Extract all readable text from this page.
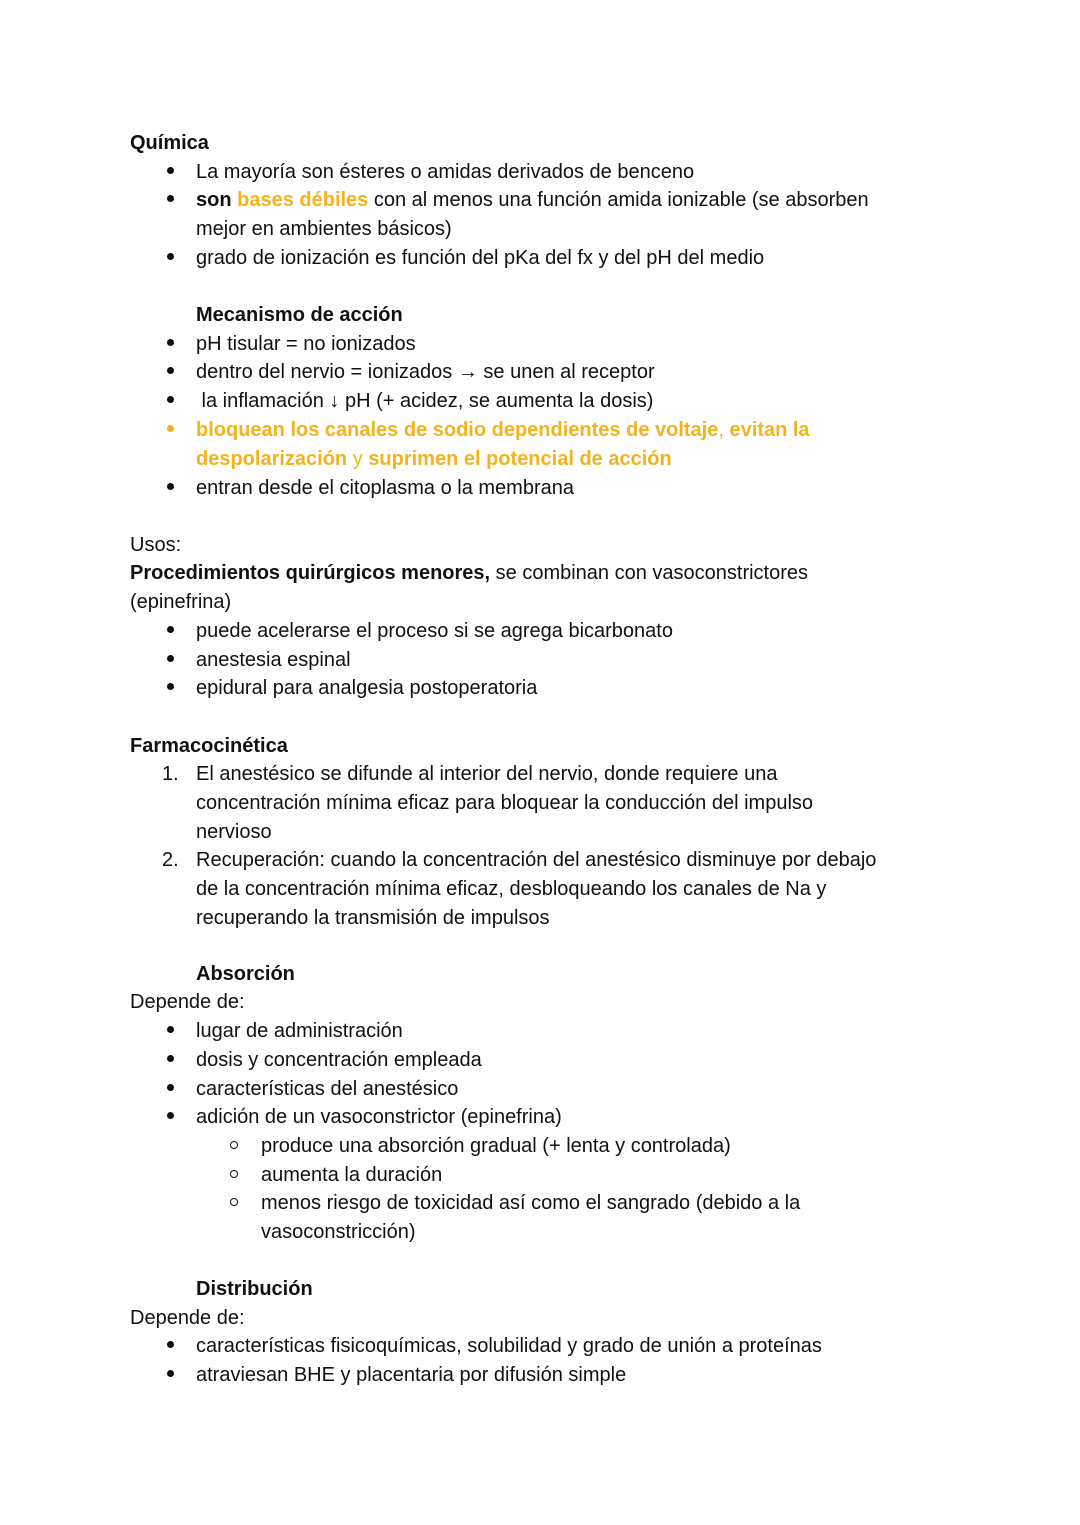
Química
La mayoría son ésteres o amidas derivados de benceno
son bases débiles con al menos una función amida ionizable (se absorben
mejor en ambientes básicos)
grado de ionización es función del pKa del fx y del pH del medio
Mecanismo de acción
pH tisular = no ionizados
dentro del nervio = ionizados → se unen al receptor
la inflamación ↓ pH (+ acidez, se aumenta la dosis)
bloquean los canales de sodio dependientes de voltaje, evitan la
despolarización y suprimen el potencial de acción
entran desde el citoplasma o la membrana
Usos:
Procedimientos quirúrgicos menores, se combinan con vasoconstrictores
(epinefrina)
puede acelerarse el proceso si se agrega bicarbonato
anestesia espinal
epidural para analgesia postoperatoria
Farmacocinética
1. El anestésico se difunde al interior del nervio, donde requiere una
concentración mínima eficaz para bloquear la conducción del impulso
nervioso
2. Recuperación: cuando la concentración del anestésico disminuye por debajo
de la concentración mínima eficaz, desbloqueando los canales de Na y
recuperando la transmisión de impulsos
Absorción
Depende de:
lugar de administración
dosis y concentración empleada
características del anestésico
adición de un vasoconstrictor (epinefrina)
produce una absorción gradual (+ lenta y controlada)
aumenta la duración
menos riesgo de toxicidad así como el sangrado (debido a la
vasoconstricción)
Distribución
Depende de:
características fisicoquímicas, solubilidad y grado de unión a proteínas
atraviesan BHE y placentaria por difusión simple
